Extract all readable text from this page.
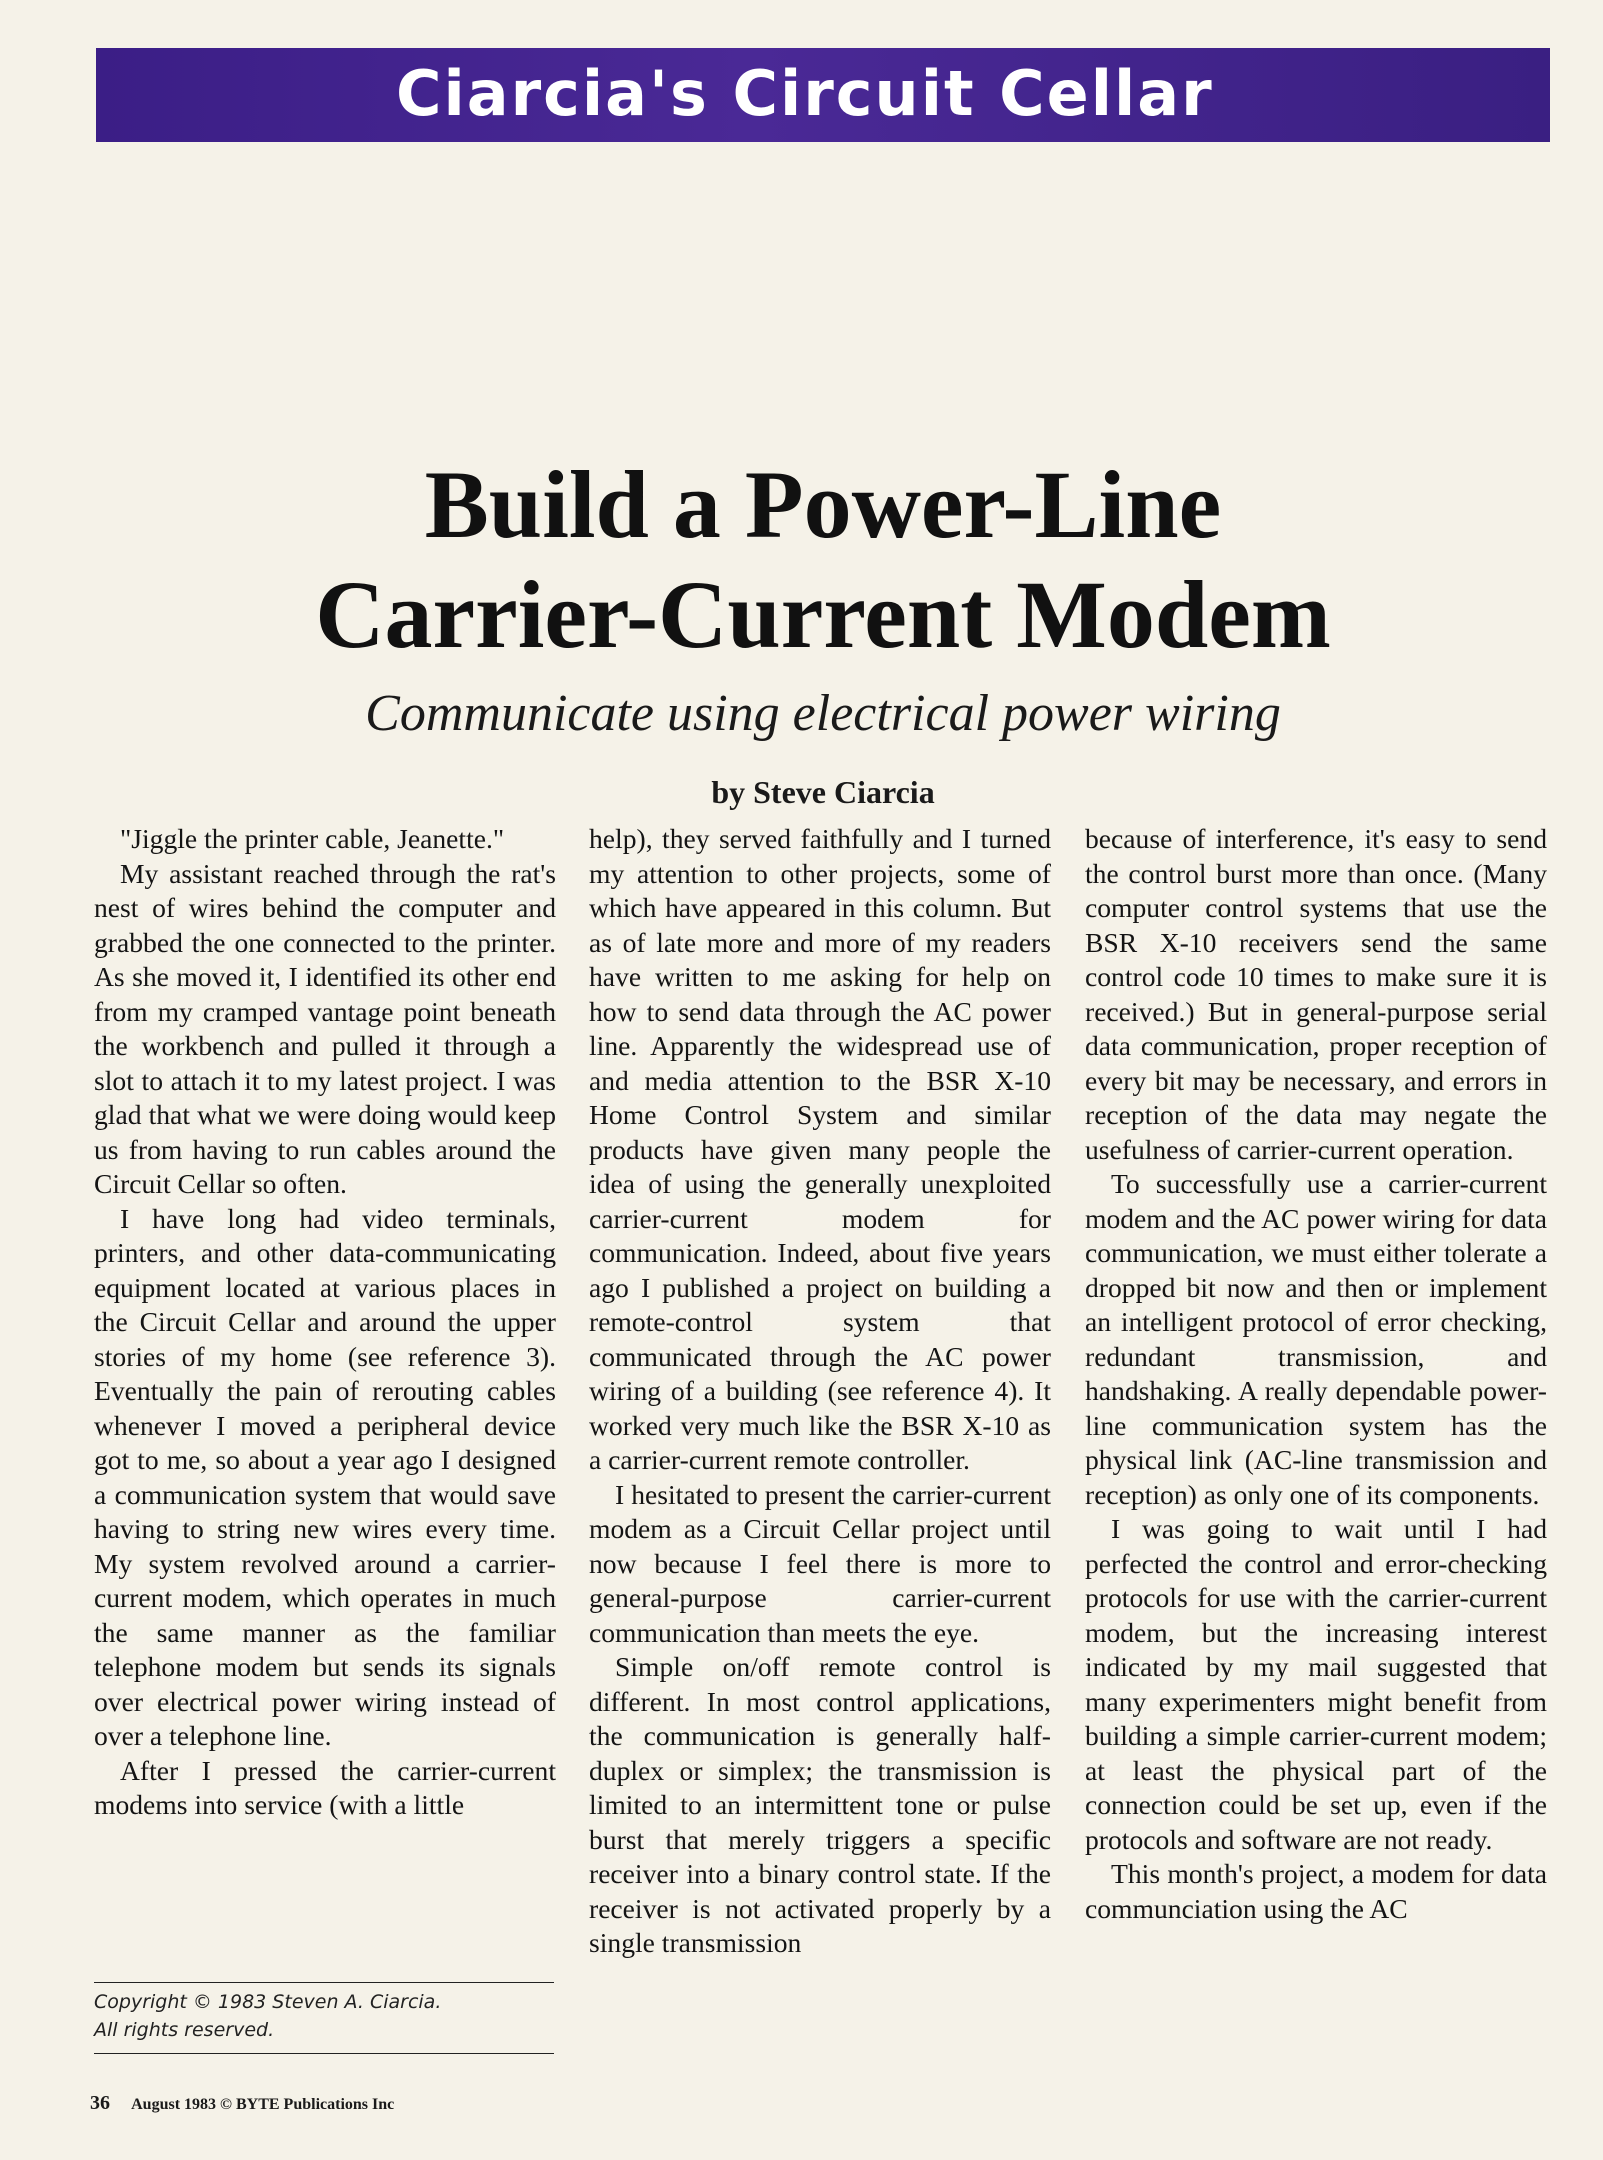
Ciarcia's Circuit Cellar
Build a Power-Line
Carrier-Current Modem
Communicate using electrical power wiring
by Steve Ciarcia

"Jiggle the printer cable, Jeanette."

My assistant reached through the rat's nest of wires behind the computer and grabbed the one connected to the printer. As she moved it, I identified its other end from my cramped vantage point beneath the workbench and pulled it through a slot to attach it to my latest project. I was glad that what we were doing would keep us from having to run cables around the Circuit Cellar so often.

I have long had video terminals, printers, and other data-communicating equipment located at various places in the Circuit Cellar and around the upper stories of my home (see reference 3). Eventually the pain of rerouting cables whenever I moved a peripheral device got to me, so about a year ago I designed a communication system that would save having to string new wires every time. My system revolved around a carrier-current modem, which operates in much the same manner as the familiar telephone modem but sends its signals over electrical power wiring instead of over a telephone line.

After I pressed the carrier-current modems into service (with a little

help), they served faithfully and I turned my attention to other projects, some of which have appeared in this column. But as of late more and more of my readers have written to me asking for help on how to send data through the AC power line. Apparently the widespread use of and media attention to the BSR X-10 Home Control System and similar products have given many people the idea of using the generally unexploited carrier-current modem for communication. Indeed, about five years ago I published a project on building a remote-control system that communicated through the AC power wiring of a building (see reference 4). It worked very much like the BSR X-10 as a carrier-current remote controller.

I hesitated to present the carrier-current modem as a Circuit Cellar project until now because I feel there is more to general-purpose carrier-current communication than meets the eye.

Simple on/off remote control is different. In most control applications, the communication is generally half-duplex or simplex; the transmission is limited to an intermittent tone or pulse burst that merely triggers a specific receiver into a binary control state. If the receiver is not activated properly by a single transmission

because of interference, it's easy to send the control burst more than once. (Many computer control systems that use the BSR X-10 receivers send the same control code 10 times to make sure it is received.) But in general-purpose serial data communication, proper reception of every bit may be necessary, and errors in reception of the data may negate the usefulness of carrier-current operation.

To successfully use a carrier-current modem and the AC power wiring for data communication, we must either tolerate a dropped bit now and then or implement an intelligent protocol of error checking, redundant transmission, and handshaking. A really dependable power-line communication system has the physical link (AC-line transmission and reception) as only one of its components.

I was going to wait until I had perfected the control and error-checking protocols for use with the carrier-current modem, but the increasing interest indicated by my mail suggested that many experimenters might benefit from building a simple carrier-current modem; at least the physical part of the connection could be set up, even if the protocols and software are not ready.

This month's project, a modem for data communciation using the AC

Copyright © 1983 Steven A. Ciarcia.
All rights reserved.
36 August 1983 © BYTE Publications Inc
